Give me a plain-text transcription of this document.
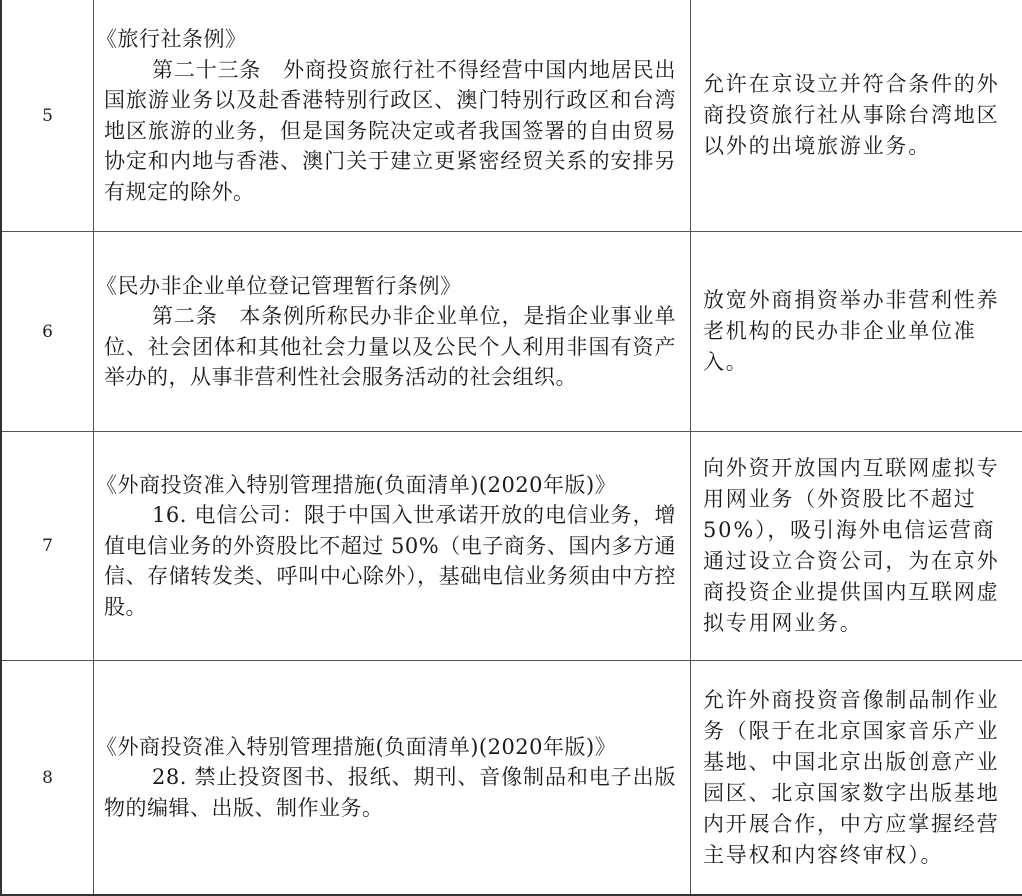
5
《旅行社条例》
第二十三条　外商投资旅行社不得经营中国内地居民出国旅游业务以及赴香港特别行政区、澳门特别行政区和台湾地区旅游的业务，但是国务院决定或者我国签署的自由贸易协定和内地与香港、澳门关于建立更紧密经贸关系的安排另有规定的除外。
允许在京设立并符合条件的外商投资旅行社从事除台湾地区以外的出境旅游业务。
6
《民办非企业单位登记管理暂行条例》
第二条　本条例所称民办非企业单位，是指企业事业单位、社会团体和其他社会力量以及公民个人利用非国有资产举办的，从事非营利性社会服务活动的社会组织。
放宽外商捐资举办非营利性养老机构的民办非企业单位准入。
7
《外商投资准入特别管理措施(负面清单)(2020年版)》
16. 电信公司：限于中国入世承诺开放的电信业务，增值电信业务的外资股比不超过 50%（电子商务、国内多方通信、存储转发类、呼叫中心除外），基础电信业务须由中方控股。
向外资开放国内互联网虚拟专用网业务（外资股比不超过50%），吸引海外电信运营商通过设立合资公司，为在京外商投资企业提供国内互联网虚拟专用网业务。
8
《外商投资准入特别管理措施(负面清单)(2020年版)》
28. 禁止投资图书、报纸、期刊、音像制品和电子出版物的编辑、出版、制作业务。
允许外商投资音像制品制作业务（限于在北京国家音乐产业基地、中国北京出版创意产业园区、北京国家数字出版基地内开展合作，中方应掌握经营主导权和内容终审权）。
